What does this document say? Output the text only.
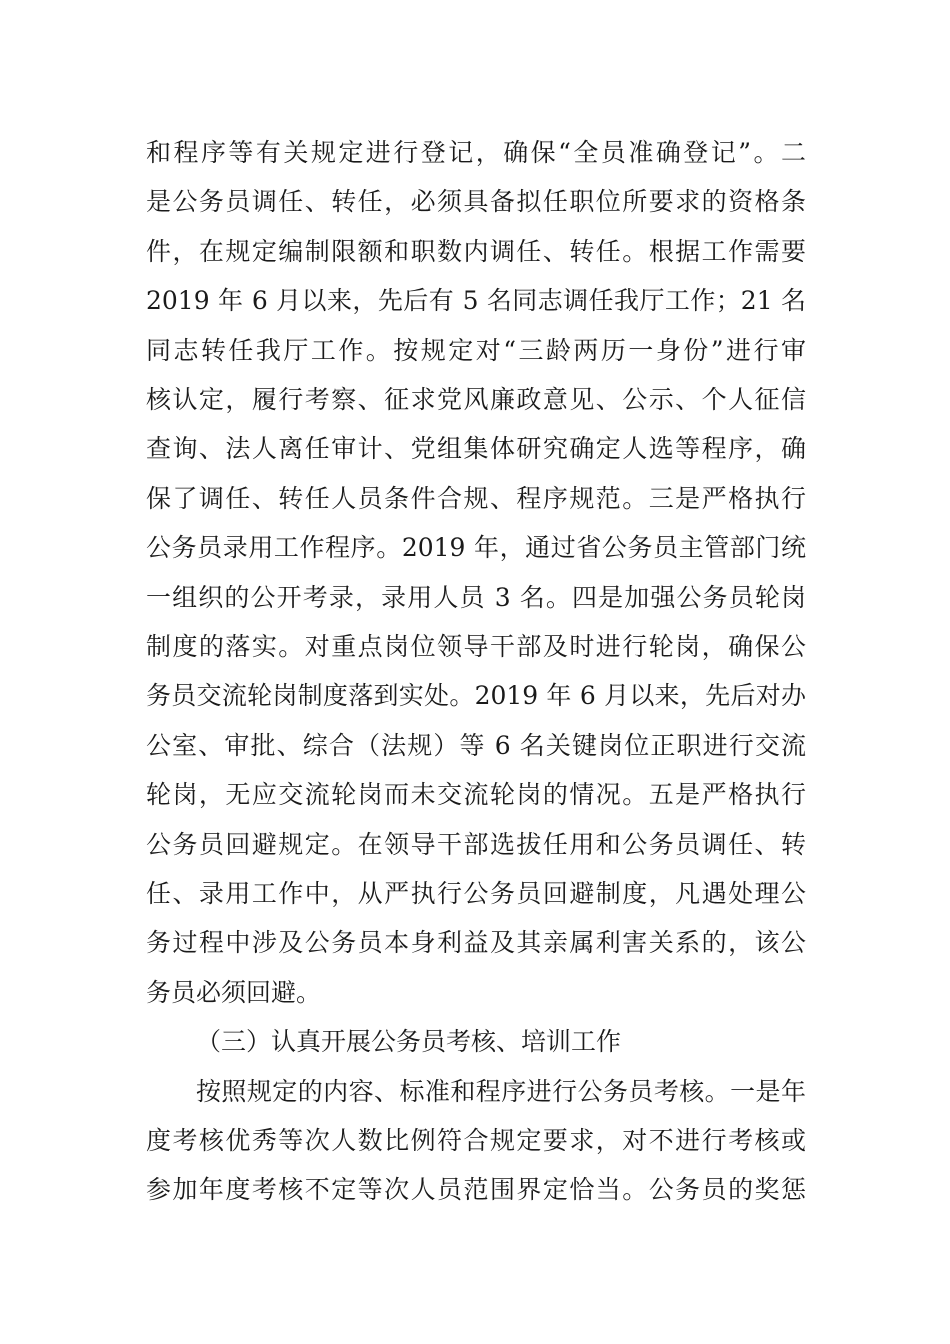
和程序等有关规定进行登记，确保“全员准确登记”。二
是公务员调任、转任，必须具备拟任职位所要求的资格条
件，在规定编制限额和职数内调任、转任。根据工作需要
2019 年 6 月以来，先后有 5 名同志调任我厅工作；21 名
同志转任我厅工作。按规定对“三龄两历一身份”进行审
核认定，履行考察、征求党风廉政意见、公示、个人征信
查询、法人离任审计、党组集体研究确定人选等程序，确
保了调任、转任人员条件合规、程序规范。三是严格执行
公务员录用工作程序。2019 年，通过省公务员主管部门统
一组织的公开考录，录用人员 3 名。四是加强公务员轮岗
制度的落实。对重点岗位领导干部及时进行轮岗，确保公
务员交流轮岗制度落到实处。2019 年 6 月以来，先后对办
公室、审批、综合（法规）等 6 名关键岗位正职进行交流
轮岗，无应交流轮岗而未交流轮岗的情况。五是严格执行
公务员回避规定。在领导干部选拔任用和公务员调任、转
任、录用工作中，从严执行公务员回避制度，凡遇处理公
务过程中涉及公务员本身利益及其亲属利害关系的，该公
务员必须回避。
（三）认真开展公务员考核、培训工作
按照规定的内容、标准和程序进行公务员考核。一是年
度考核优秀等次人数比例符合规定要求，对不进行考核或
参加年度考核不定等次人员范围界定恰当。公务员的奖惩
